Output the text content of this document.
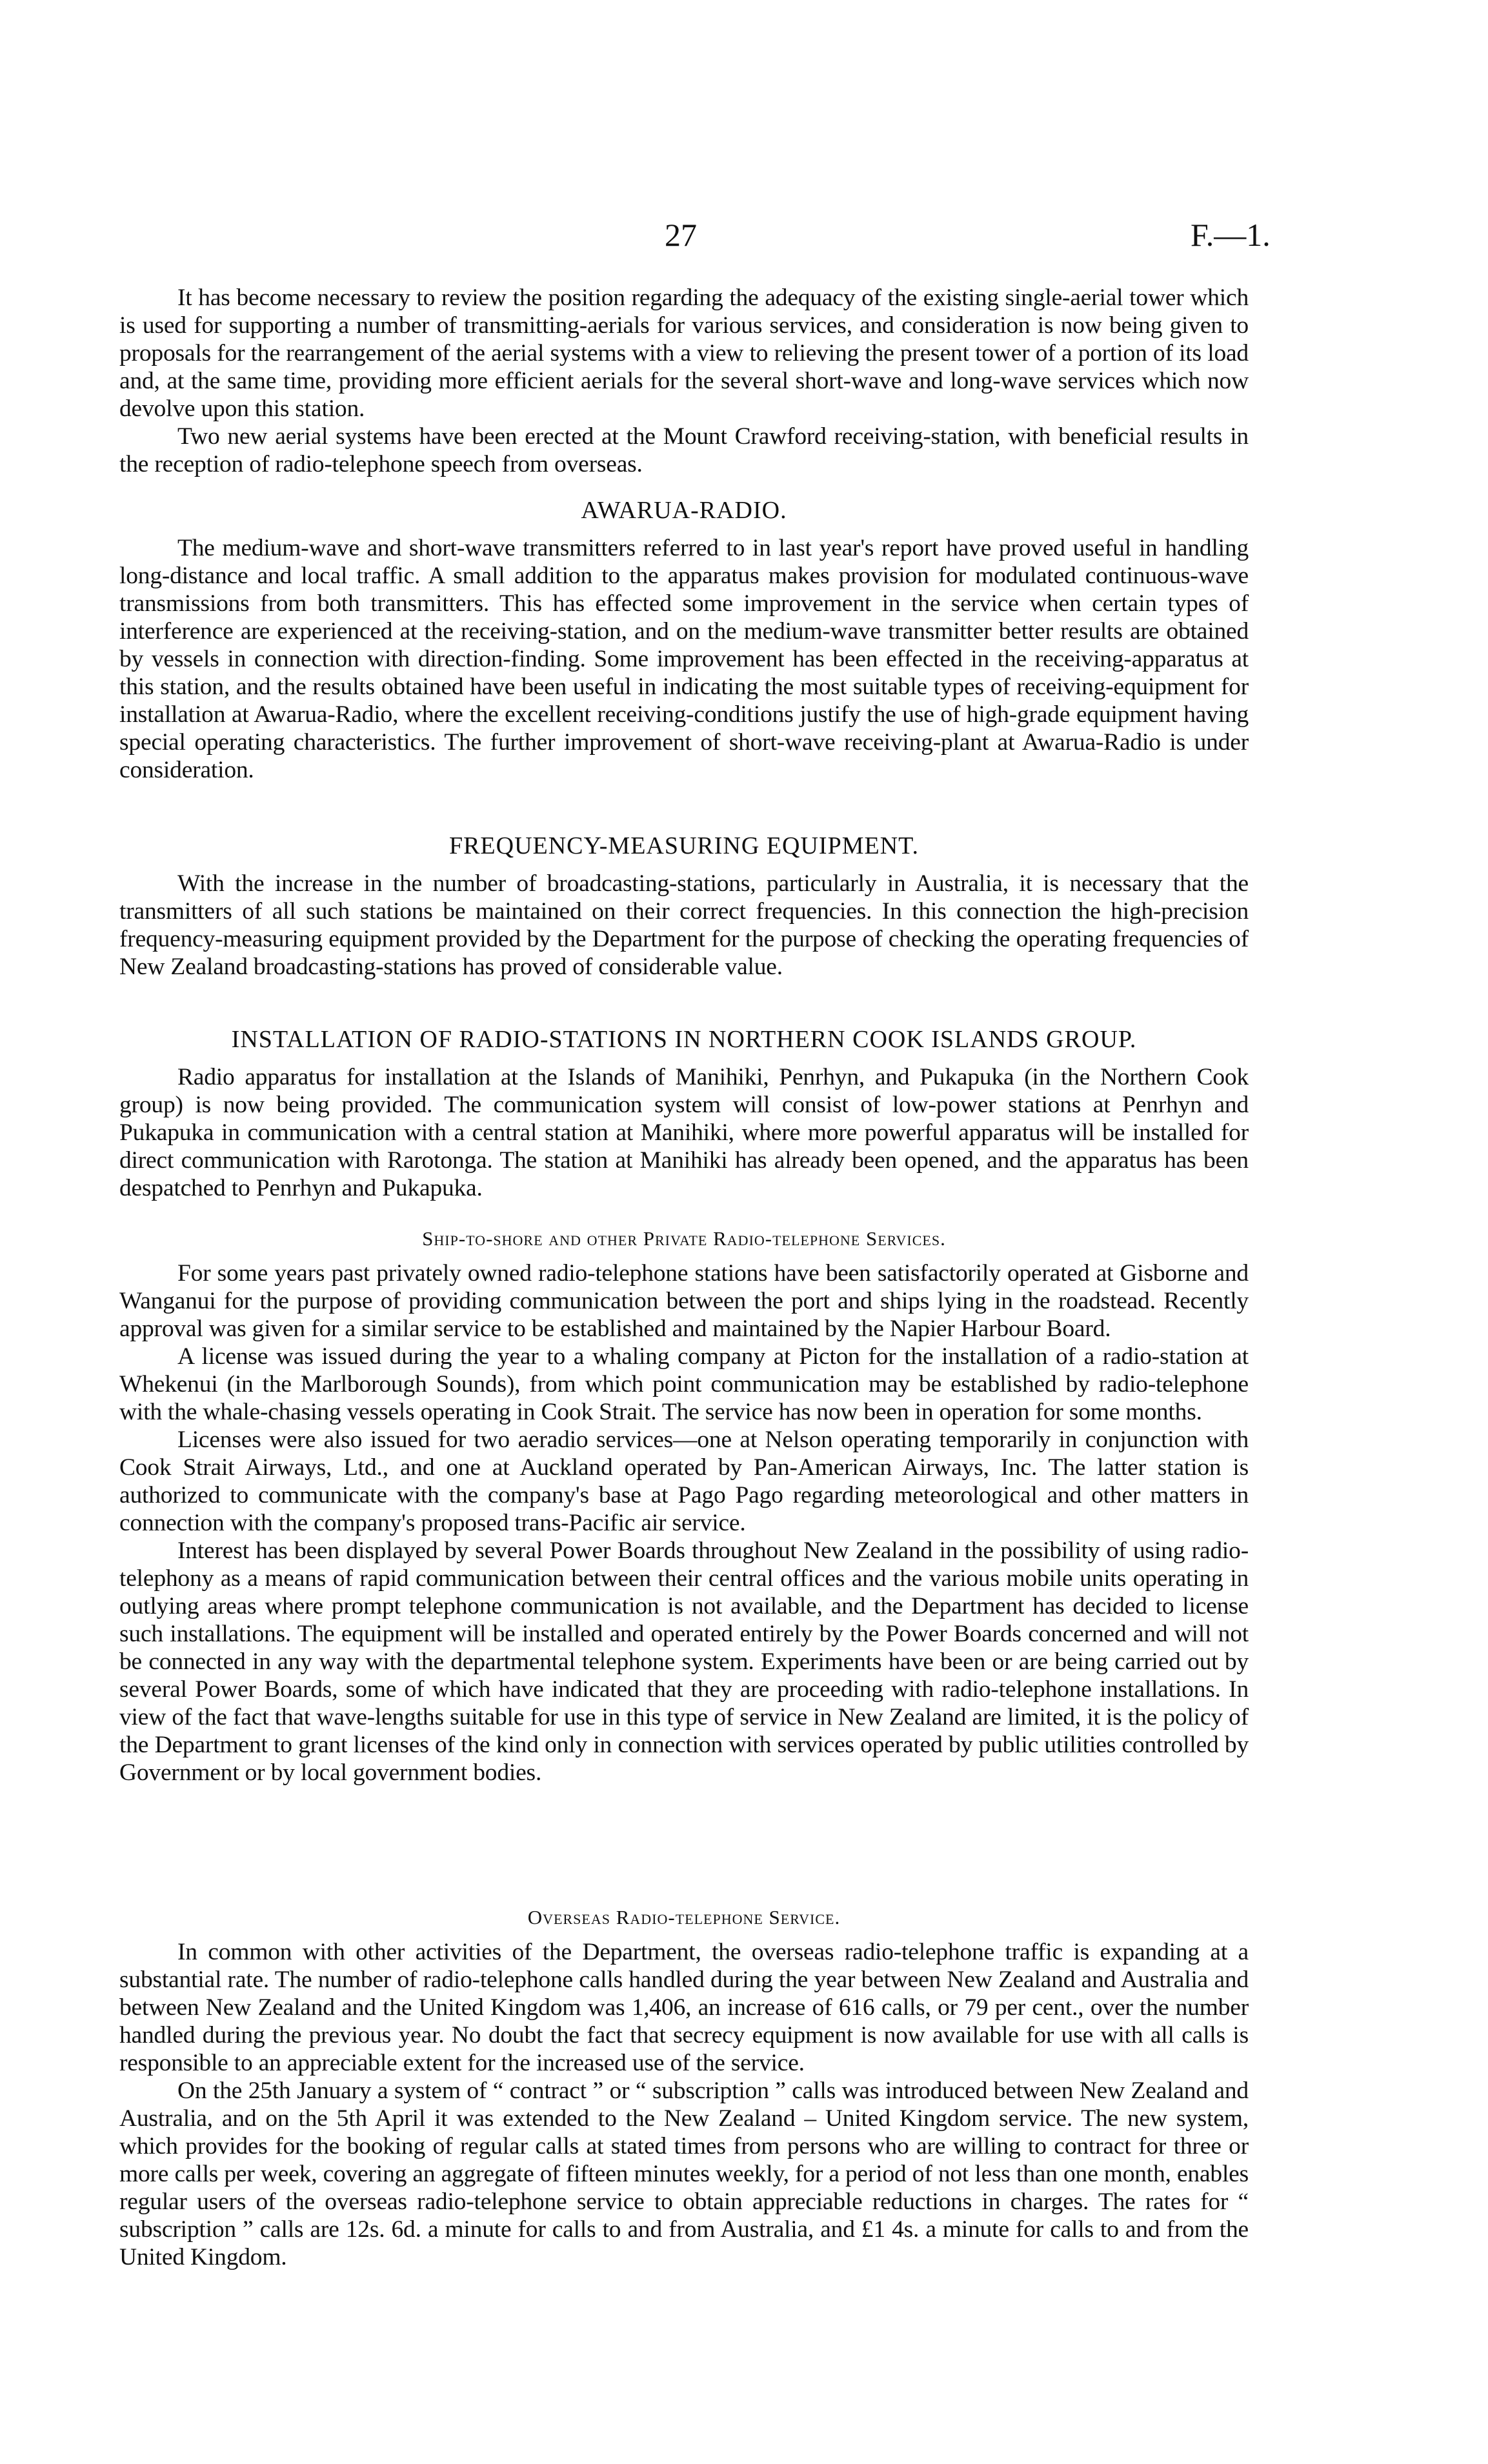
27	F.—1.

It has become necessary to review the position regarding the adequacy of the existing single-aerial tower which is used for supporting a number of transmitting-aerials for various services, and consideration is now being given to proposals for the rearrangement of the aerial systems with a view to relieving the present tower of a portion of its load and, at the same time, providing more efficient aerials for the several short-wave and long-wave services which now devolve upon this station.

Two new aerial systems have been erected at the Mount Crawford receiving-station, with beneficial results in the reception of radio-telephone speech from overseas.

AWARUA-RADIO.

The medium-wave and short-wave transmitters referred to in last year's report have proved useful in handling long-distance and local traffic. A small addition to the apparatus makes provision for modulated continuous-wave transmissions from both transmitters. This has effected some improvement in the service when certain types of interference are experienced at the receiving-station, and on the medium-wave transmitter better results are obtained by vessels in connection with direction-finding. Some improvement has been effected in the receiving-apparatus at this station, and the results obtained have been useful in indicating the most suitable types of receiving-equipment for installation at Awarua-Radio, where the excellent receiving-conditions justify the use of high-grade equipment having special operating characteristics. The further improvement of short-wave receiving-plant at Awarua-Radio is under consideration.

FREQUENCY-MEASURING EQUIPMENT.

With the increase in the number of broadcasting-stations, particularly in Australia, it is necessary that the transmitters of all such stations be maintained on their correct frequencies. In this connection the high-precision frequency-measuring equipment provided by the Department for the purpose of checking the operating frequencies of New Zealand broadcasting-stations has proved of considerable value.

INSTALLATION OF RADIO-STATIONS IN NORTHERN COOK ISLANDS GROUP.

Radio apparatus for installation at the Islands of Manihiki, Penrhyn, and Pukapuka (in the Northern Cook group) is now being provided. The communication system will consist of low-power stations at Penrhyn and Pukapuka in communication with a central station at Manihiki, where more powerful apparatus will be installed for direct communication with Rarotonga. The station at Manihiki has already been opened, and the apparatus has been despatched to Penrhyn and Pukapuka.

Ship-to-shore and other Private Radio-telephone Services.

For some years past privately owned radio-telephone stations have been satisfactorily operated at Gisborne and Wanganui for the purpose of providing communication between the port and ships lying in the roadstead. Recently approval was given for a similar service to be established and maintained by the Napier Harbour Board.

A license was issued during the year to a whaling company at Picton for the installation of a radio-station at Whekenui (in the Marlborough Sounds), from which point communication may be established by radio-telephone with the whale-chasing vessels operating in Cook Strait. The service has now been in operation for some months.

Licenses were also issued for two aeradio services—one at Nelson operating temporarily in conjunction with Cook Strait Airways, Ltd., and one at Auckland operated by Pan-American Airways, Inc. The latter station is authorized to communicate with the company's base at Pago Pago regarding meteorological and other matters in connection with the company's proposed trans-Pacific air service.

Interest has been displayed by several Power Boards throughout New Zealand in the possibility of using radio-telephony as a means of rapid communication between their central offices and the various mobile units operating in outlying areas where prompt telephone communication is not available, and the Department has decided to license such installations. The equipment will be installed and operated entirely by the Power Boards concerned and will not be connected in any way with the departmental telephone system. Experiments have been or are being carried out by several Power Boards, some of which have indicated that they are proceeding with radio-telephone installations. In view of the fact that wave-lengths suitable for use in this type of service in New Zealand are limited, it is the policy of the Department to grant licenses of the kind only in connection with services operated by public utilities controlled by Government or by local government bodies.

Overseas Radio-telephone Service.

In common with other activities of the Department, the overseas radio-telephone traffic is expanding at a substantial rate. The number of radio-telephone calls handled during the year between New Zealand and Australia and between New Zealand and the United Kingdom was 1,406, an increase of 616 calls, or 79 per cent., over the number handled during the previous year. No doubt the fact that secrecy equipment is now available for use with all calls is responsible to an appreciable extent for the increased use of the service.

On the 25th January a system of “ contract ” or “ subscription ” calls was introduced between New Zealand and Australia, and on the 5th April it was extended to the New Zealand – United Kingdom service. The new system, which provides for the booking of regular calls at stated times from persons who are willing to contract for three or more calls per week, covering an aggregate of fifteen minutes weekly, for a period of not less than one month, enables regular users of the overseas radio-telephone service to obtain appreciable reductions in charges. The rates for “ subscription ” calls are 12s. 6d. a minute for calls to and from Australia, and £1 4s. a minute for calls to and from the United Kingdom.
